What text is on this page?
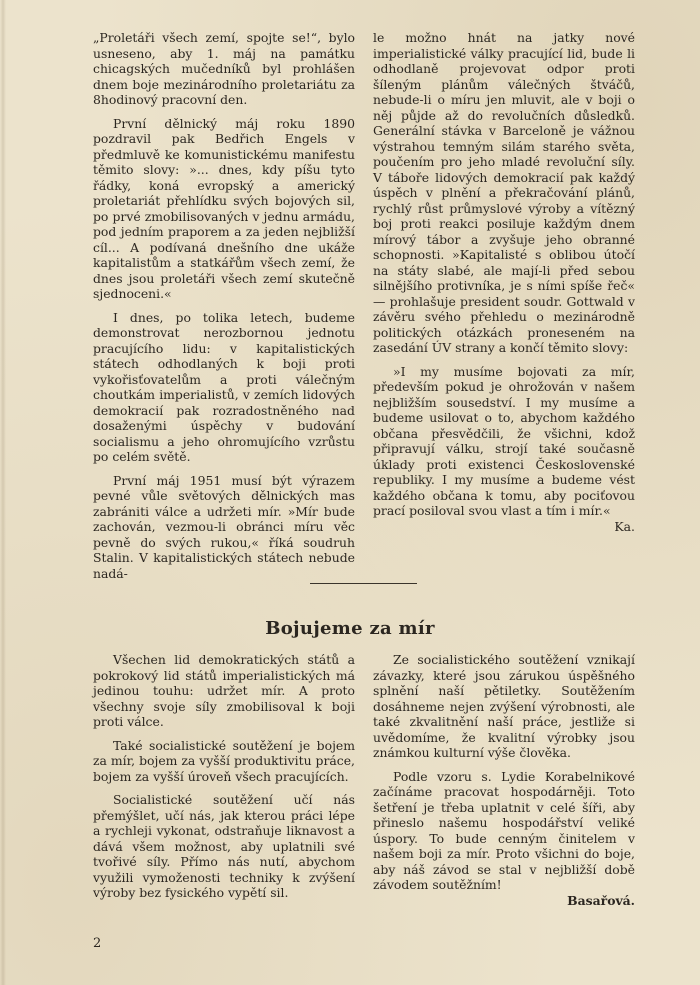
„Proletáři všech zemí, spojte se!“, bylo usneseno, aby 1. máj na památku chicagských mučedníků byl prohlášen dnem boje mezinárodního proletariátu za 8hodinový pracovní den.

První dělnický máj roku 1890 pozdravil pak Bedřich Engels v předmluvě ke komunistickému manifestu těmito slovy: »... dnes, kdy píšu tyto řádky, koná evropský a americký proletariát přehlídku svých bojových sil, po prvé zmobilisovaných v jednu armádu, pod jedním praporem a za jeden nejbližší cíl... A podívaná dnešního dne ukáže kapitalistům a statkářům všech zemí, že dnes jsou proletáři všech zemí skutečně sjednoceni.«

I dnes, po tolika letech, budeme demonstrovat nerozbornou jednotu pracujícího lidu: v kapitalistických státech odhodlaných k boji proti vykořisťovatelům a proti válečným choutkám imperialistů, v zemích lidových demokracií pak rozradostněného nad dosaženými úspěchy v budování socialismu a jeho ohromujícího vzrůstu po celém světě.

První máj 1951 musí být výrazem pevné vůle světových dělnických mas zabrániti válce a udržeti mír. »Mír bude zachován, vezmou-li obránci míru věc pevně do svých rukou,« říká soudruh Stalin. V kapitalistických státech nebude nadá-

le možno hnát na jatky nové imperialistické války pracující lid, bude li odhodlaně projevovat odpor proti šíleným plánům válečných štváčů, nebude-li o míru jen mluvit, ale v boji o něj půjde až do revolučních důsledků. Generální stávka v Barceloně je vážnou výstrahou temným silám starého světa, poučením pro jeho mladé revoluční síly. V táboře lidových demokracií pak každý úspěch v plnění a překračování plánů, rychlý růst průmyslové výroby a vítězný boj proti reakci posiluje každým dnem mírový tábor a zvyšuje jeho obranné schopnosti. »Kapitalisté s oblibou útočí na státy slabé, ale mají-li před sebou silnějšího protivníka, je s ními spíše řeč« — prohlašuje president soudr. Gottwald v závěru svého přehledu o mezinárodně politických otázkách proneseném na zasedání ÚV strany a končí těmito slovy:

»I my musíme bojovati za mír, především pokud je ohrožován v našem nejbližším sousedství. I my musíme a budeme usilovat o to, abychom každého občana přesvědčili, že všichni, kdož připravují válku, strojí také současně úklady proti existenci Československé republiky. I my musíme a budeme vést každého občana k tomu, aby pociťovou prací posiloval svou vlast a tím i mír.«

Ka.
Bojujeme za mír

Všechen lid demokratických států a pokrokový lid států imperialistických má jedinou touhu: udržet mír. A proto všechny svoje síly zmobilisoval k boji proti válce.

Také socialistické soutěžení je bojem za mír, bojem za vyšší produktivitu práce, bojem za vyšší úroveň všech pracujících.

Socialistické soutěžení učí nás přemýšlet, učí nás, jak kterou práci lépe a rychleji vykonat, odstraňuje liknavost a dává všem možnost, aby uplatnili své tvořivé síly. Přímo nás nutí, abychom využili vymoženosti techniky k zvýšení výroby bez fysického vypětí sil.

Ze socialistického soutěžení vznikají závazky, které jsou zárukou úspěšného splnění naší pětiletky. Soutěžením dosáhneme nejen zvýšení výrobnosti, ale také zkvalitnění naší práce, jestliže si uvědomíme, že kvalitní výrobky jsou známkou kulturní výše člověka.

Podle vzoru s. Lydie Korabelnikové začínáme pracovat hospodárněji. Toto šetření je třeba uplatnit v celé šíři, aby přineslo našemu hospodářství veliké úspory. To bude cenným činitelem v našem boji za mír. Proto všichni do boje, aby náš závod se stal v nejbližší době závodem soutěžním!

Basařová.
2
